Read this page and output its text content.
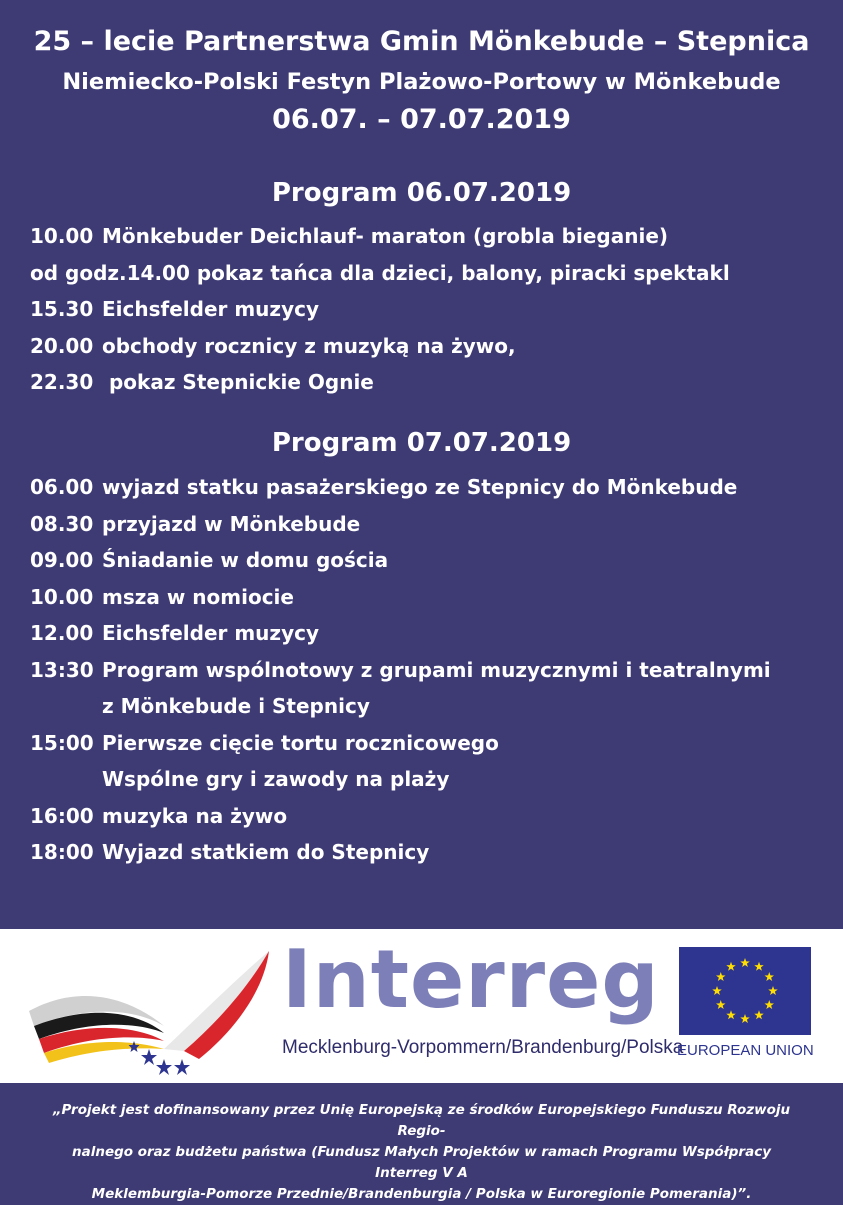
25 – lecie Partnerstwa Gmin Mönkebude – Stepnica
Niemiecko-Polski Festyn Plażowo-Portowy w Mönkebude
06.07. – 07.07.2019
Program 06.07.2019
10.00 Mönkebuder Deichlauf- maraton (grobla bieganie)
od godz.14.00 pokaz tańca dla dzieci, balony, piracki spektakl
15.30 Eichsfelder muzycy
20.00 obchody rocznicy z muzyką na żywo,
22.30 pokaz Stepnickie Ognie
Program 07.07.2019
06.00 wyjazd statku pasażerskiego ze Stepnicy do Mönkebude
08.30 przyjazd w Mönkebude
09.00 Śniadanie w domu gościa
10.00 msza w nomiocie
12.00 Eichsfelder muzycy
13:30 Program wspólnotowy z grupami muzycznymi i teatralnymi
z Mönkebude i Stepnicy
15:00 Pierwsze cięcie tortu rocznicowego
Wspólne gry i zawody na plaży
16:00 muzyka na żywo
18:00 Wyjazd statkiem do Stepnicy
Interreg
Mecklenburg-Vorpommern/Brandenburg/Polska
EUROPEAN UNION
„Projekt jest dofinansowany przez Unię Europejską ze środków Europejskiego Funduszu Rozwoju Regio-
nalnego oraz budżetu państwa (Fundusz Małych Projektów w ramach Programu Współpracy Interreg V A
Meklemburgia-Pomorze Przednie/Brandenburgia / Polska w Euroregionie Pomerania)”.
